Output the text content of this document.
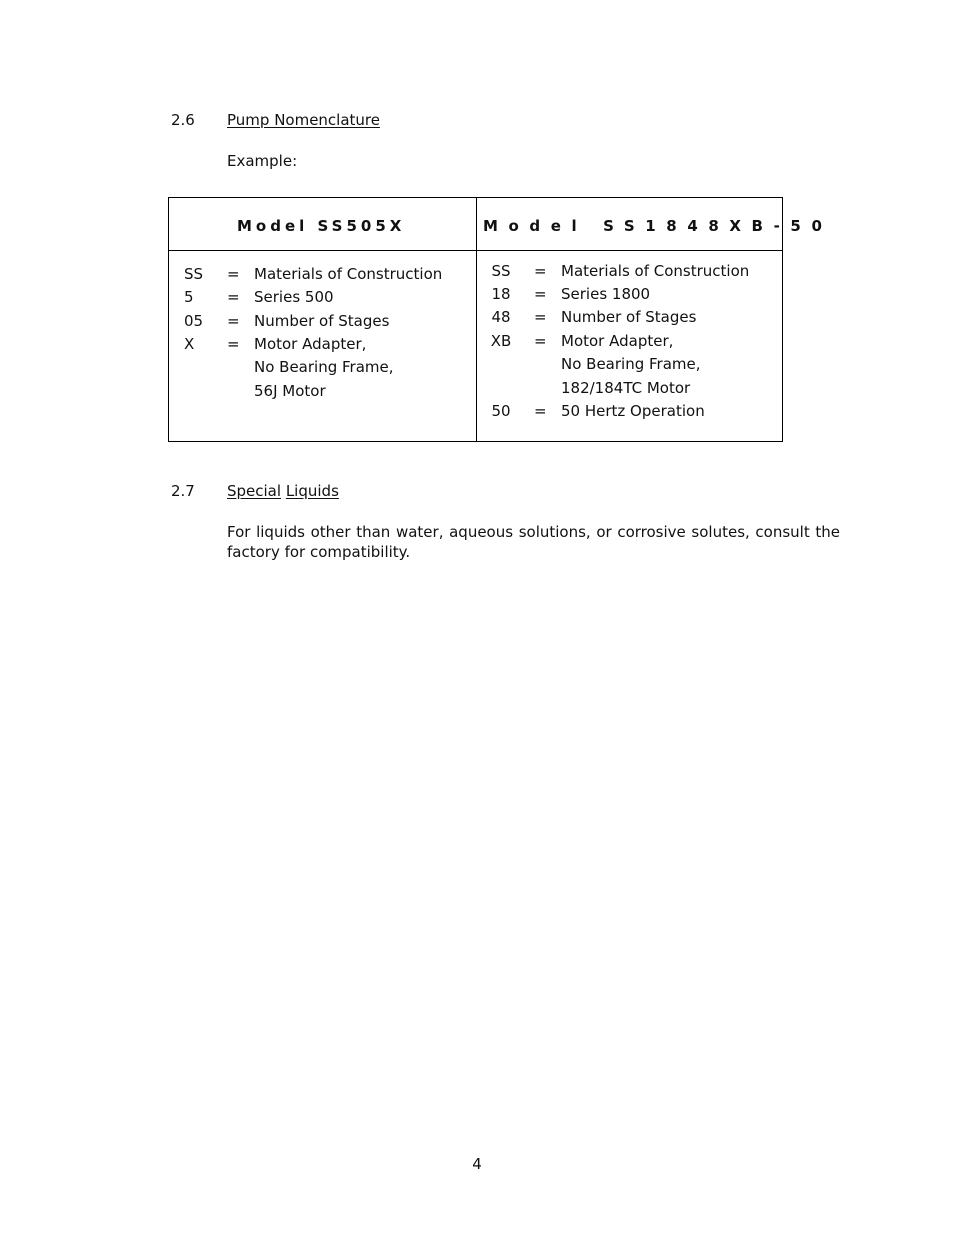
2.6 Pump Nomenclature
Example:
Model SS505X	Model SS1848XB-50
SS = Materials of Construction
5 = Series 500
05 = Number of Stages
X = Motor Adapter,
No Bearing Frame,
56J Motor
SS = Materials of Construction
18 = Series 1800
48 = Number of Stages
XB = Motor Adapter,
No Bearing Frame,
182/184TC Motor
50 = 50 Hertz Operation
2.7 Special Liquids
For liquids other than water, aqueous solutions, or corrosive solutes, consult the factory for compatibility.
4
